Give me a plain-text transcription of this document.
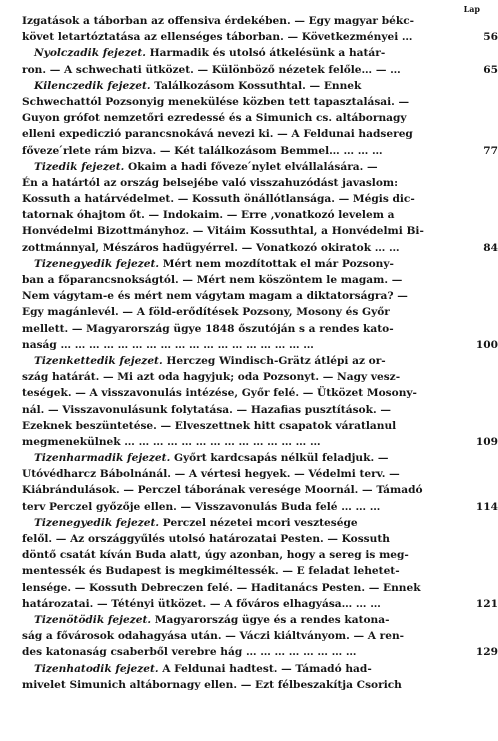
Lap
Izgatások a táborban az offensiva érdekében. — Egy magyar békc-
követ letartóztatása az ellenséges táborban. — Következményei …	56
Nyolczadik fejezet. Harmadik és utolsó átkelésünk a határ-
ron. — A schwechati ütközet. — Különböző nézetek felőle… — …	65
Kilenczedik fejezet. Találkozásom Kossuthtal. — Ennek
Schwechattól Pozsonyig menekülése közben tett tapasztalásai. —
Guyon grófot nemzetőri ezredessé és a Simunich cs. altábornagy
elleni expediczió parancsnokává nevezi ki. — A Feldunai hadsereg
főveze ́rlete rám bizva. — Két találkozásom Bemmel… … … …	77
Tizedik fejezet. Okaim a hadi főveze ́nylet elvállalására. —
Én a határtól az ország belsejébe való visszahuzódást javaslom:
Kossuth a határvédelmet. — Kossuth önállótlansága. — Mégis dic-
tatornak óhajtom őt. — Indokaim. — Erre ,vonatkozó levelem a
Honvédelmi Bizottmányhoz. — Vitáim Kossuthtal, a Honvédelmi Bi-
zottmánnyal, Mészáros hadügyérrel. — Vonatkozó okiratok … …	84
Tizenegyedik fejezet. Mért nem mozdítottak el már Pozsony-
ban a főparancsnokságtól. — Mért nem köszöntem le magam. —
Nem vágytam-e és mért nem vágytam magam a diktatorságra? —
Egy magánlevél. — A föld-erődítések Pozsony, Mosony és Győr
mellett. — Magyarország ügye 1848 őszutóján s a rendes kato-
naság … … … … … … … … … … … … … … … … … …	100
Tizenkettedik fejezet. Herczeg Windisch-Grätz átlépi az or-
szág határát. — Mi azt oda hagyjuk; oda Pozsonyt. — Nagy vesz-
teségek. — A visszavonulás intézése, Győr felé. — Ütközet Mosony-
nál. — Visszavonulásunk folytatása. — Hazafias pusztítások. —
Ezeknek beszüntetése. — Elveszettnek hitt csapatok váratlanul
megmenekülnek … … … … … … … … … … … … … …	109
Tizenharmadik fejezet. Győrt kardcsapás nélkül feladjuk. —
Utóvédharcz Bábolnánál. — A vértesi hegyek. — Védelmi terv. —
Kiábrándulások. — Perczel táborának veresége Moornál. — Támadó
terv Perczel győzője ellen. — Visszavonulás Buda felé … … …	114
Tizenegyedik fejezet. Perczel nézetei mcori vesztesége
felől. — Az országgyűlés utolsó határozatai Pesten. — Kossuth
döntő csatát kíván Buda alatt, úgy azonban, hogy a sereg is meg-
mentessék és Budapest is megkiméltessék. — E feladat lehetet-
lensége. — Kossuth Debreczen felé. — Haditanács Pesten. — Ennek
határozatai. — Tétényi ütközet. — A főváros elhagyása… … …	121
Tizenötödik fejezet. Magyarország ügye és a rendes katona-
ság a fővárosok odahagyása után. — Váczi kiáltványom. — A ren-
des katonaság csaberből verebre hág … … … … … … … …	129
Tizenhatodik fejezet. A Feldunai hadtest. — Támadó had-
mivelet Simunich altábornagy ellen. — Ezt félbeszakítja Csorich
